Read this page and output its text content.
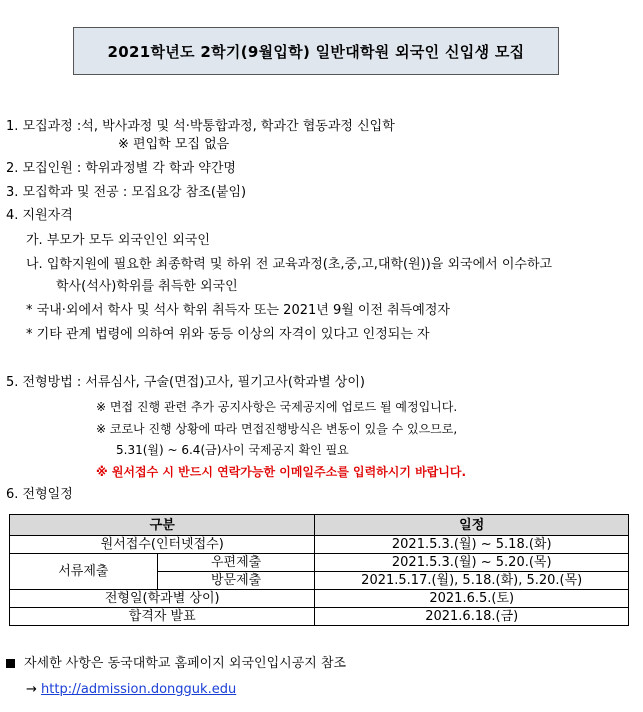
2021학년도 2학기(9월입학) 일반대학원 외국인 신입생 모집
1. 모집과정 :석, 박사과정 및 석·박통합과정, 학과간 협동과정 신입학
※ 편입학 모집 없음
2. 모집인원 : 학위과정별 각 학과 약간명
3. 모집학과 및 전공 : 모집요강 참조(붙임)
4. 지원자격
가. 부모가 모두 외국인인 외국인
나. 입학지원에 필요한 최종학력 및 하위 전 교육과정(초,중,고,대학(원))을 외국에서 이수하고
학사(석사)학위를 취득한 외국인
* 국내·외에서 학사 및 석사 학위 취득자 또는 2021년 9월 이전 취득예정자
* 기타 관계 법령에 의하여 위와 동등 이상의 자격이 있다고 인정되는 자
5. 전형방법 : 서류심사, 구술(면접)고사, 필기고사(학과별 상이)
※ 면접 진행 관련 추가 공지사항은 국제공지에 업로드 될 예정입니다.
※ 코로나 진행 상황에 따라 면접진행방식은 변동이 있을 수 있으므로,
5.31(월) ~ 6.4(금)사이 국제공지 확인 필요
※ 원서접수 시 반드시 연락가능한 이메일주소를 입력하시기 바랍니다.
6. 전형일정
구분		일정
원서접수(인터넷접수)		2021.5.3.(월) ~ 5.18.(화)
서류제출	우편제출	2021.5.3.(월) ~ 5.20.(목)
	방문제출	2021.5.17.(월), 5.18.(화), 5.20.(목)
전형일(학과별 상이)		2021.6.5.(토)
합격자 발표		2021.6.18.(금)
자세한 사항은 동국대학교 홈페이지 외국인입시공지 참조
→ http://admission.dongguk.edu
